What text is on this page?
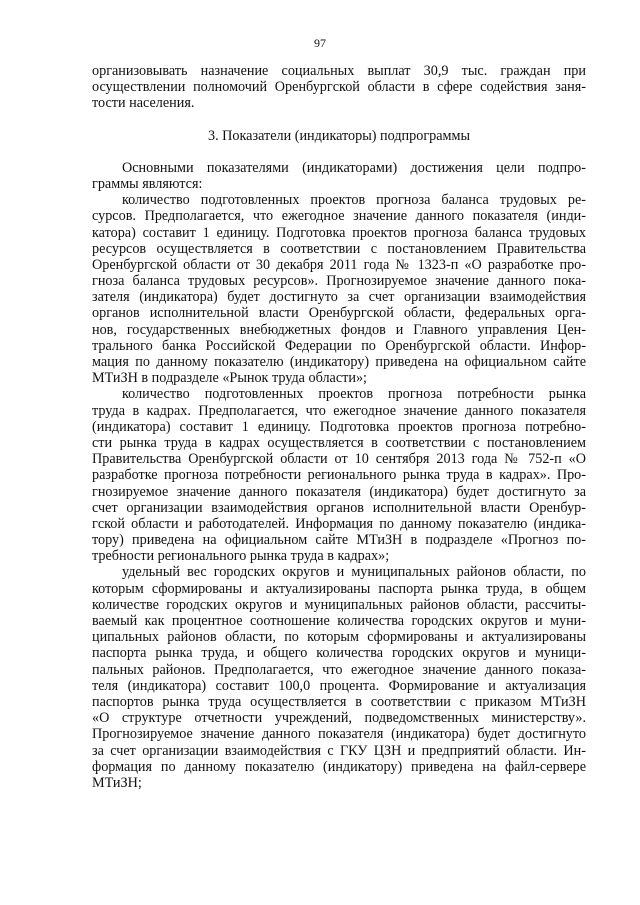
97
организовывать назначение социальных выплат 30,9 тыс. граждан при
осуществлении полномочий Оренбургской области в сфере содействия заня-
тости населения.
3. Показатели (индикаторы) подпрограммы
Основными показателями (индикаторами) достижения цели подпро-
граммы являются:
количество подготовленных проектов прогноза баланса трудовых ре-
сурсов. Предполагается, что ежегодное значение данного показателя (инди-
катора) составит 1 единицу. Подготовка проектов прогноза баланса трудовых
ресурсов осуществляется в соответствии с постановлением Правительства
Оренбургской области от 30 декабря 2011 года № 1323-п «О разработке про-
гноза баланса трудовых ресурсов». Прогнозируемое значение данного пока-
зателя (индикатора) будет достигнуто за счет организации взаимодействия
органов исполнительной власти Оренбургской области, федеральных орга-
нов, государственных внебюджетных фондов и Главного управления Цен-
трального банка Российской Федерации по Оренбургской области. Инфор-
мация по данному показателю (индикатору) приведена на официальном сайте
МТиЗН в подразделе «Рынок труда области»;
количество подготовленных проектов прогноза потребности рынка
труда в кадрах. Предполагается, что ежегодное значение данного показателя
(индикатора) составит 1 единицу. Подготовка проектов прогноза потребно-
сти рынка труда в кадрах осуществляется в соответствии с постановлением
Правительства Оренбургской области от 10 сентября 2013 года № 752-п «О
разработке прогноза потребности регионального рынка труда в кадрах». Про-
гнозируемое значение данного показателя (индикатора) будет достигнуто за
счет организации взаимодействия органов исполнительной власти Оренбур-
гской области и работодателей. Информация по данному показателю (индика-
тору) приведена на официальном сайте МТиЗН в подразделе «Прогноз по-
требности регионального рынка труда в кадрах»;
удельный вес городских округов и муниципальных районов области, по
которым сформированы и актуализированы паспорта рынка труда, в общем
количестве городских округов и муниципальных районов области, рассчиты-
ваемый как процентное соотношение количества городских округов и муни-
ципальных районов области, по которым сформированы и актуализированы
паспорта рынка труда, и общего количества городских округов и муници-
пальных районов. Предполагается, что ежегодное значение данного показа-
теля (индикатора) составит 100,0 процента. Формирование и актуализация
паспортов рынка труда осуществляется в соответствии с приказом МТиЗН
«О структуре отчетности учреждений, подведомственных министерству».
Прогнозируемое значение данного показателя (индикатора) будет достигнуто
за счет организации взаимодействия с ГКУ ЦЗН и предприятий области. Ин-
формация по данному показателю (индикатору) приведена на файл-сервере
МТиЗН;
